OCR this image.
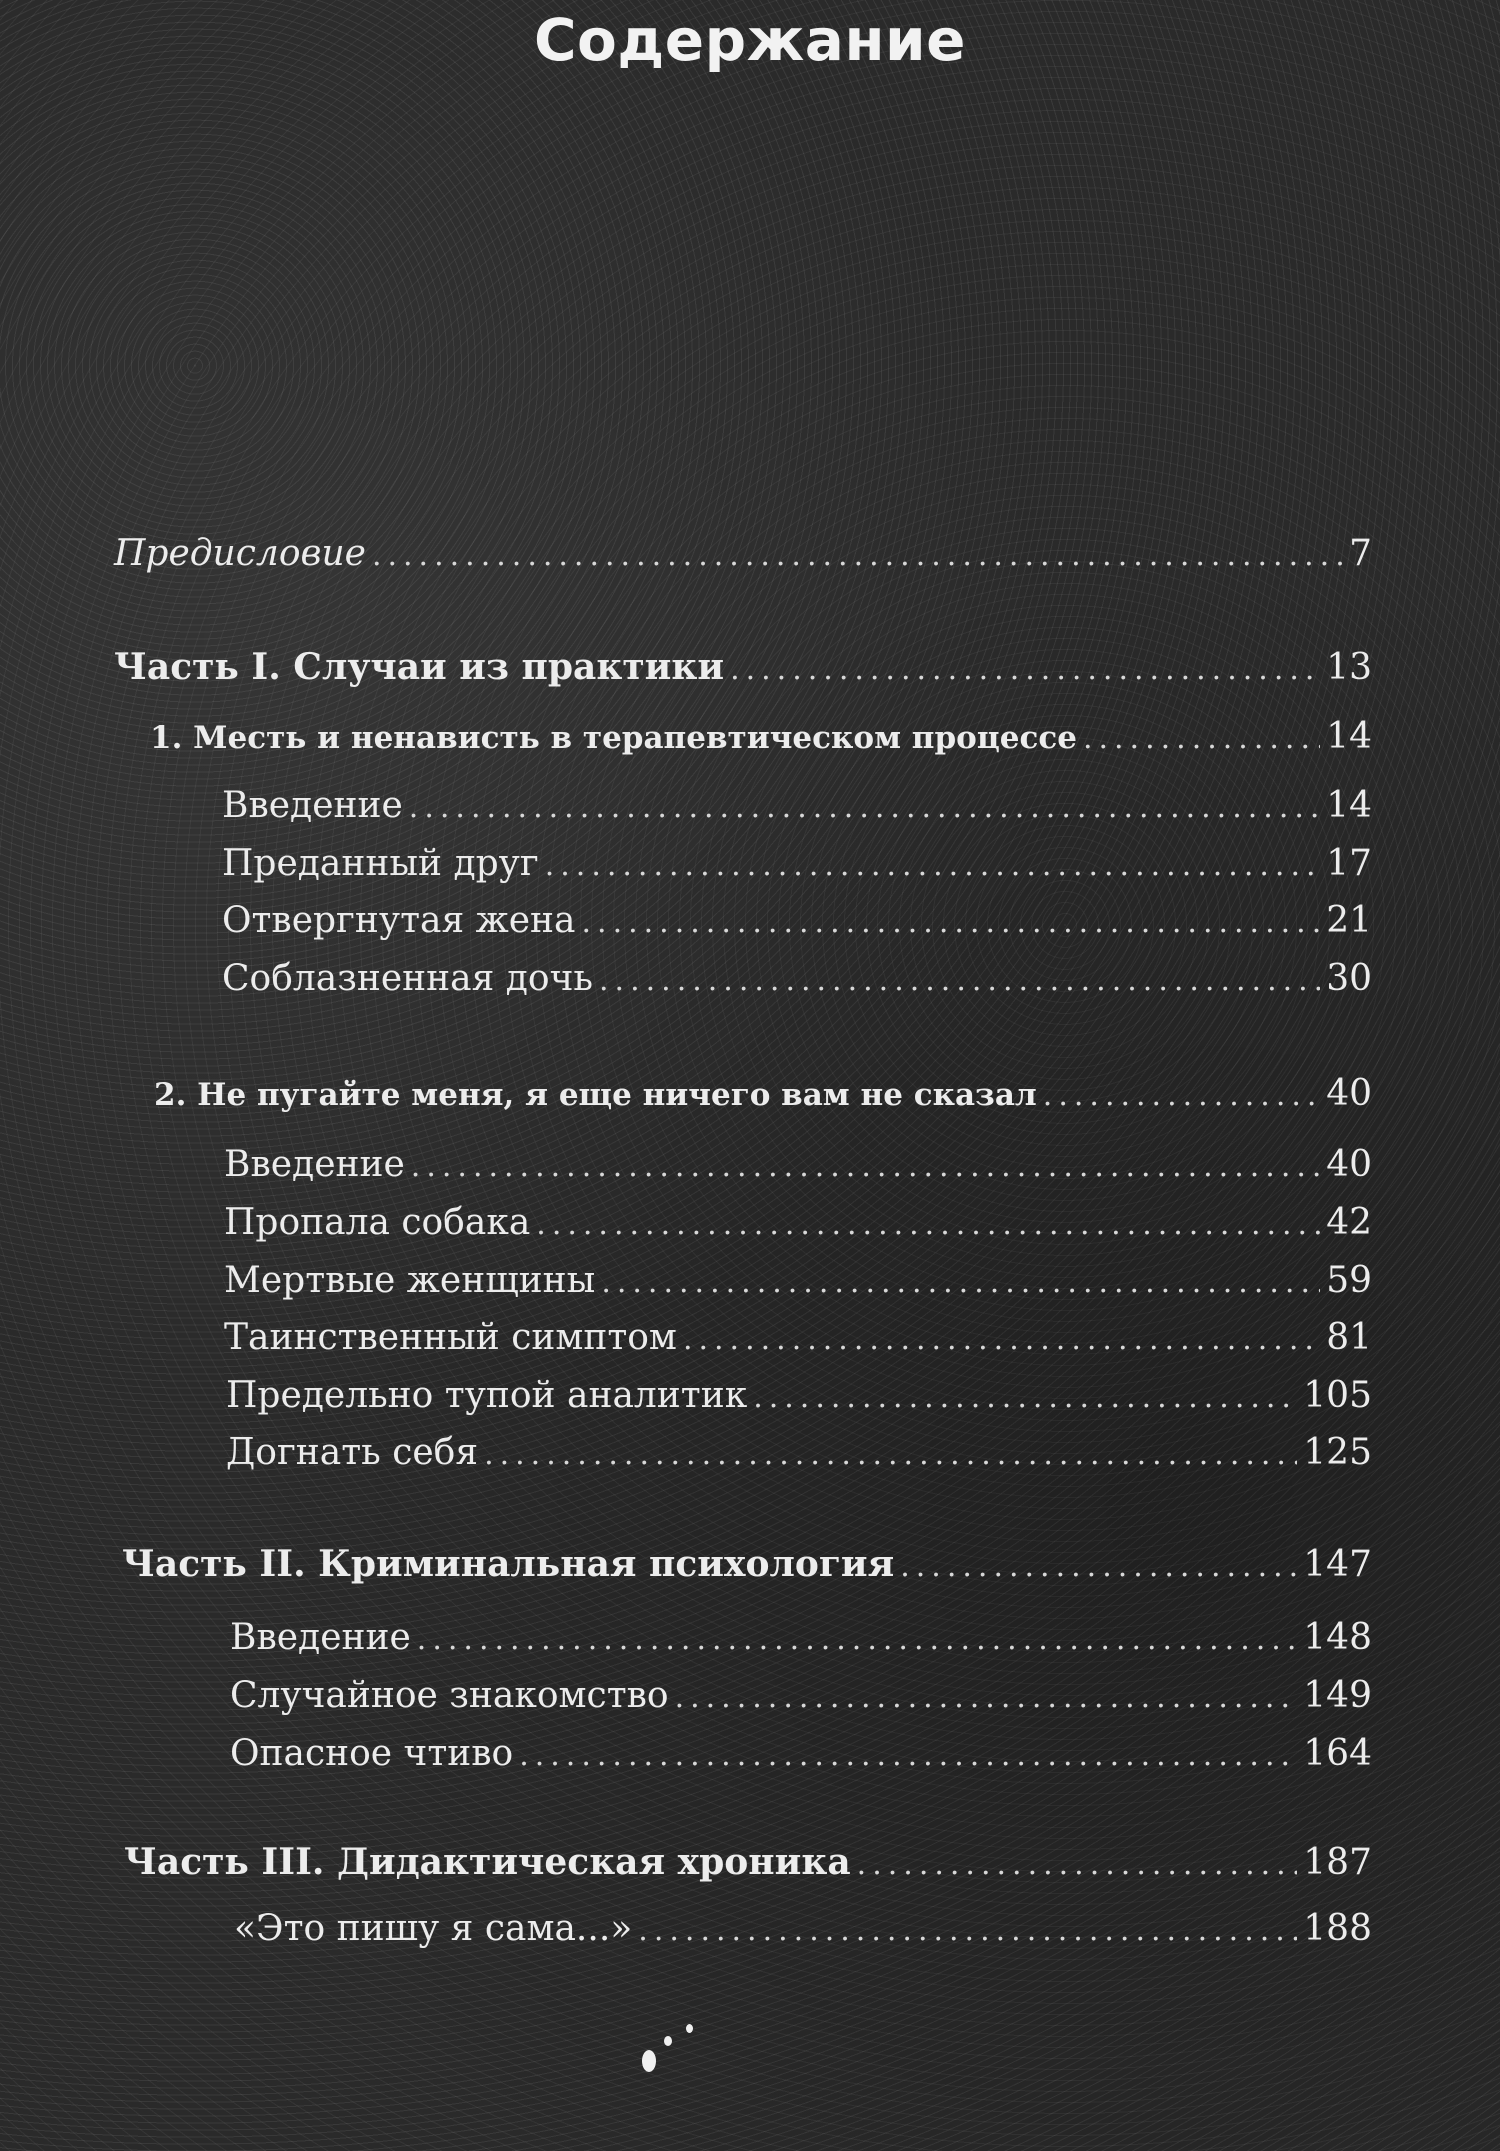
Содержание
Предисловие .....	7
Часть I. Случаи из практики .....	13
1. Месть и ненависть в терапевтическом процессе .....	14
Введение .....	14
Преданный друг .....	17
Отвергнутая жена .....	21
Соблазненная дочь .....	30
2. Не пугайте меня, я еще ничего вам не сказал .....	40
Введение .....	40
Пропала собака .....	42
Мертвые женщины .....	59
Таинственный симптом .....	81
Предельно тупой аналитик .....	105
Догнать себя .....	125
Часть II. Криминальная психология .....	147
Введение .....	148
Случайное знакомство .....	149
Опасное чтиво .....	164
Часть III. Дидактическая хроника .....	187
«Это пишу я сама...» .....	188
